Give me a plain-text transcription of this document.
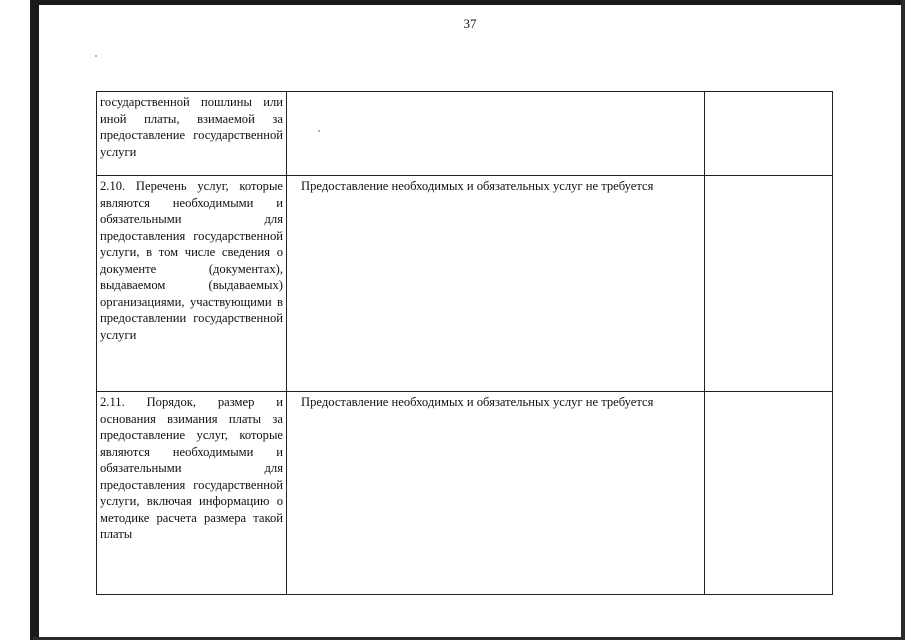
37
государственной пошлины или иной платы, взимаемой за предоставление государственной услуги		
2.10. Перечень услуг, которые являются необходимыми и обязательными для предоставления государственной услуги, в том числе сведения о документе (документах), выдаваемом (выдаваемых) организациями, участвующими в предоставлении государственной услуги	Предоставление необходимых и обязательных услуг не требуется	
2.11. Порядок, размер и основания взимания платы за предоставление услуг, которые являются необходимыми и обязательными для предоставления государственной услуги, включая информацию о методике расчета размера такой платы	Предоставление необходимых и обязательных услуг не требуется	
